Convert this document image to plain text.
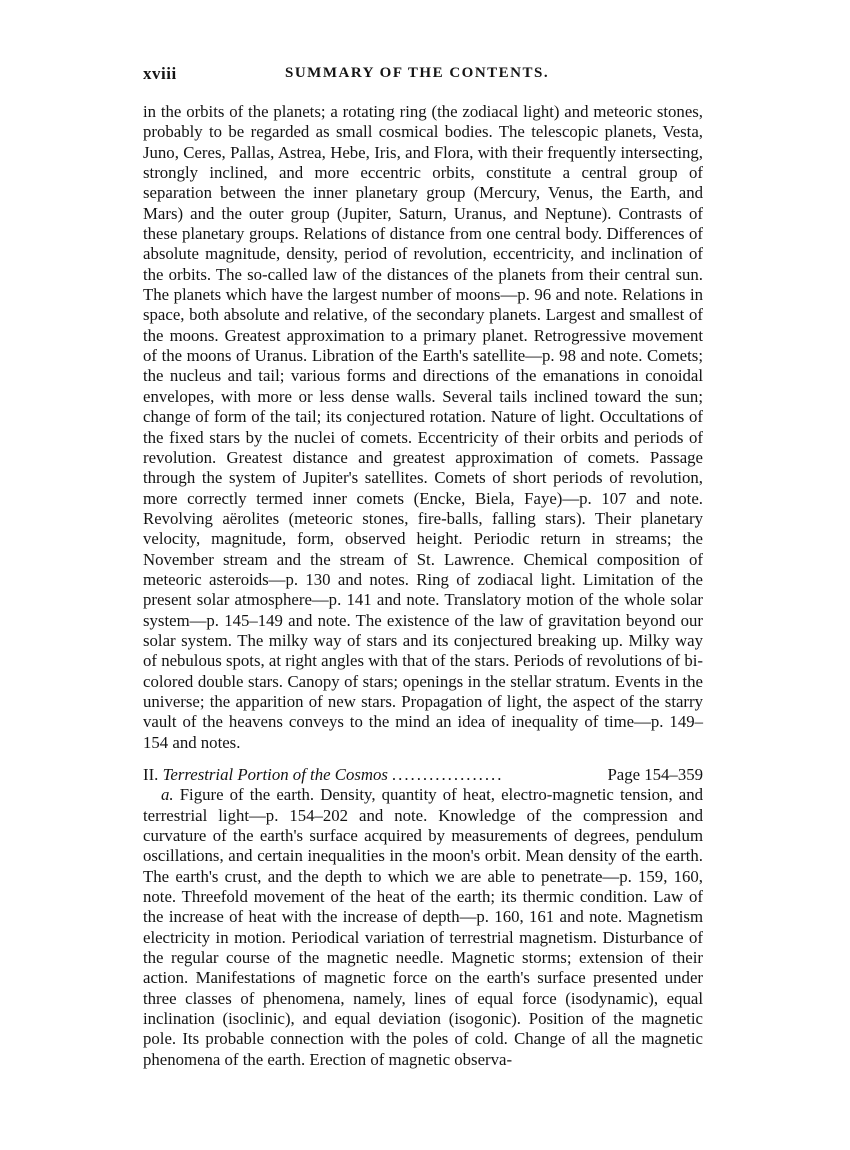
xviii	SUMMARY OF THE CONTENTS.

in the orbits of the planets; a rotating ring (the zodiacal light) and meteoric stones, probably to be regarded as small cosmical bodies. The telescopic planets, Vesta, Juno, Ceres, Pallas, Astrea, Hebe, Iris, and Flora, with their frequently intersecting, strongly inclined, and more eccentric orbits, constitute a central group of separation between the inner planetary group (Mercury, Venus, the Earth, and Mars) and the outer group (Jupiter, Saturn, Uranus, and Neptune). Contrasts of these planetary groups. Relations of distance from one central body. Differences of absolute magnitude, density, period of revolution, eccentricity, and inclination of the orbits. The so-called law of the distances of the planets from their central sun. The planets which have the largest number of moons—p. 96 and note. Relations in space, both absolute and relative, of the secondary planets. Largest and smallest of the moons. Greatest approximation to a primary planet. Retrogressive movement of the moons of Uranus. Libration of the Earth's satellite—p. 98 and note. Comets; the nucleus and tail; various forms and directions of the emanations in conoidal envelopes, with more or less dense walls. Several tails inclined toward the sun; change of form of the tail; its conjectured rotation. Nature of light. Occultations of the fixed stars by the nuclei of comets. Eccentricity of their orbits and periods of revolution. Greatest distance and greatest approximation of comets. Passage through the system of Jupiter's satellites. Comets of short periods of revolution, more correctly termed inner comets (Encke, Biela, Faye)—p. 107 and note. Revolving aërolites (meteoric stones, fire-balls, falling stars). Their planetary velocity, magnitude, form, observed height. Periodic return in streams; the November stream and the stream of St. Lawrence. Chemical composition of meteoric asteroids—p. 130 and notes. Ring of zodiacal light. Limitation of the present solar atmosphere—p. 141 and note. Translatory motion of the whole solar system—p. 145–149 and note. The existence of the law of gravitation beyond our solar system. The milky way of stars and its conjectured breaking up. Milky way of nebulous spots, at right angles with that of the stars. Periods of revolutions of bi-colored double stars. Canopy of stars; openings in the stellar stratum. Events in the universe; the apparition of new stars. Propagation of light, the aspect of the starry vault of the heavens conveys to the mind an idea of inequality of time—p. 149–154 and notes.

II. Terrestrial Portion of the Cosmos ..................	Page 154–359

a. Figure of the earth. Density, quantity of heat, electro-magnetic tension, and terrestrial light—p. 154–202 and note. Knowledge of the compression and curvature of the earth's surface acquired by measurements of degrees, pendulum oscillations, and certain inequalities in the moon's orbit. Mean density of the earth. The earth's crust, and the depth to which we are able to penetrate—p. 159, 160, note. Threefold movement of the heat of the earth; its thermic condition. Law of the increase of heat with the increase of depth—p. 160, 161 and note. Magnetism electricity in motion. Periodical variation of terrestrial magnetism. Disturbance of the regular course of the magnetic needle. Magnetic storms; extension of their action. Manifestations of magnetic force on the earth's surface presented under three classes of phenomena, namely, lines of equal force (isodynamic), equal inclination (isoclinic), and equal deviation (isogonic). Position of the magnetic pole. Its probable connection with the poles of cold. Change of all the magnetic phenomena of the earth. Erection of magnetic observa-
